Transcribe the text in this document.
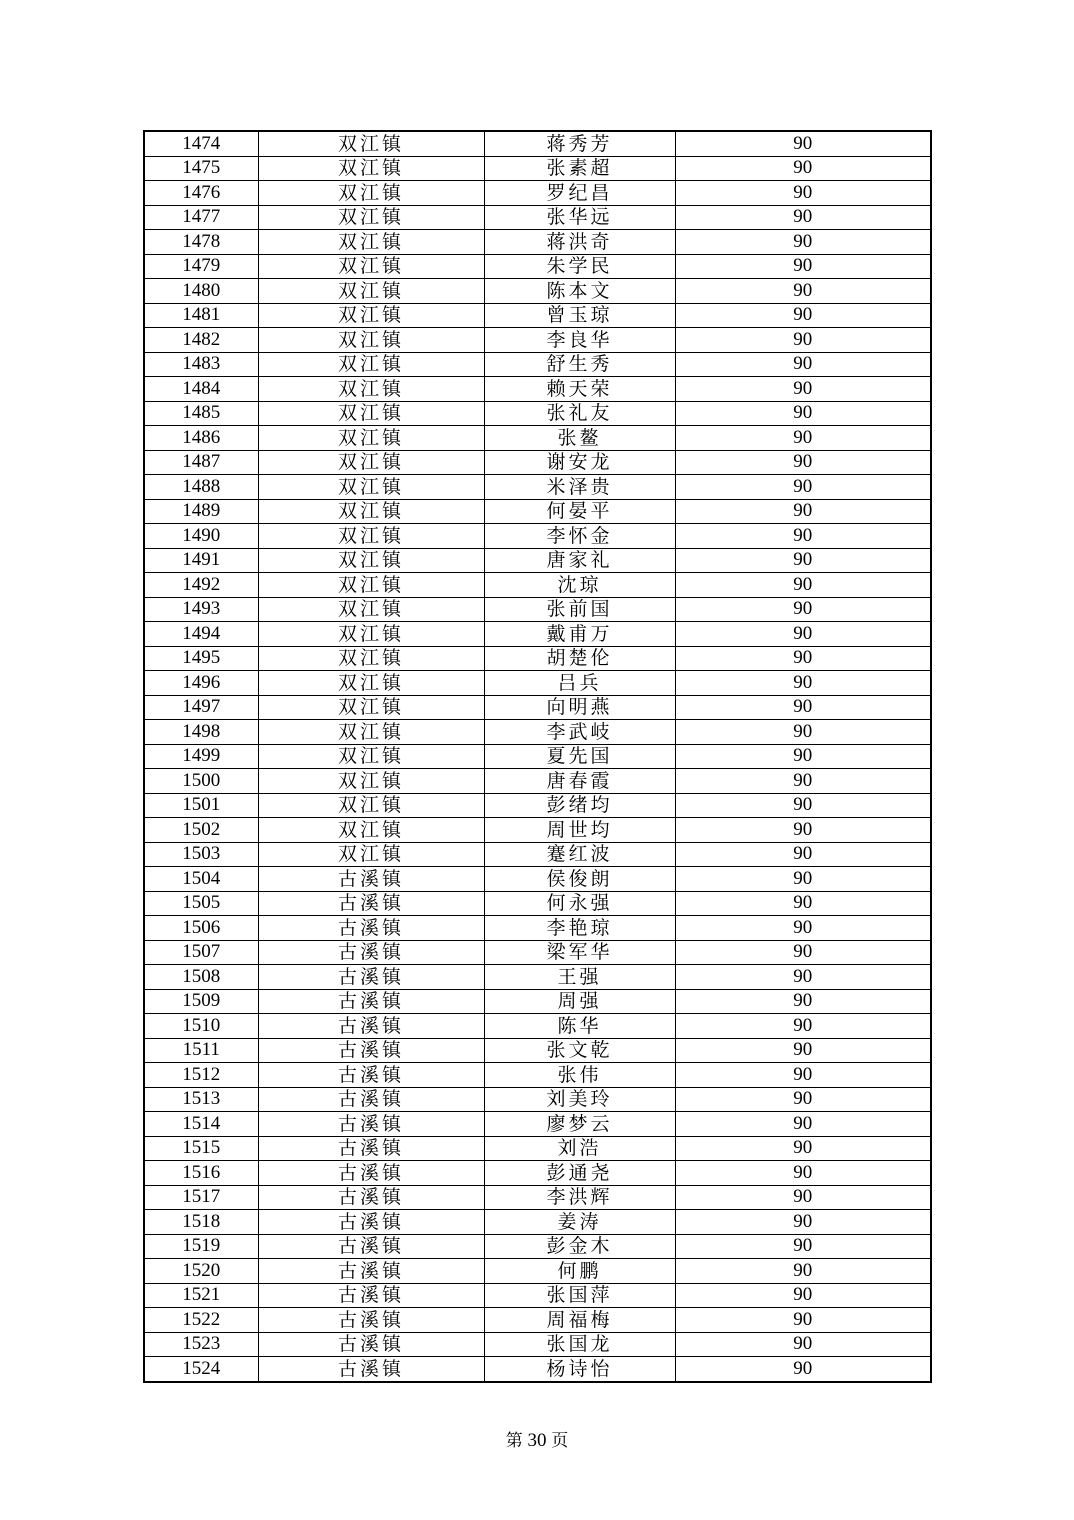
1474	双江镇	蒋秀芳	90
1475	双江镇	张素超	90
1476	双江镇	罗纪昌	90
1477	双江镇	张华远	90
1478	双江镇	蒋洪奇	90
1479	双江镇	朱学民	90
1480	双江镇	陈本文	90
1481	双江镇	曾玉琼	90
1482	双江镇	李良华	90
1483	双江镇	舒生秀	90
1484	双江镇	赖天荣	90
1485	双江镇	张礼友	90
1486	双江镇	张鳌	90
1487	双江镇	谢安龙	90
1488	双江镇	米泽贵	90
1489	双江镇	何晏平	90
1490	双江镇	李怀金	90
1491	双江镇	唐家礼	90
1492	双江镇	沈琼	90
1493	双江镇	张前国	90
1494	双江镇	戴甫万	90
1495	双江镇	胡楚伦	90
1496	双江镇	吕兵	90
1497	双江镇	向明燕	90
1498	双江镇	李武岐	90
1499	双江镇	夏先国	90
1500	双江镇	唐春霞	90
1501	双江镇	彭绪均	90
1502	双江镇	周世均	90
1503	双江镇	蹇红波	90
1504	古溪镇	侯俊朗	90
1505	古溪镇	何永强	90
1506	古溪镇	李艳琼	90
1507	古溪镇	梁军华	90
1508	古溪镇	王强	90
1509	古溪镇	周强	90
1510	古溪镇	陈华	90
1511	古溪镇	张文乾	90
1512	古溪镇	张伟	90
1513	古溪镇	刘美玲	90
1514	古溪镇	廖梦云	90
1515	古溪镇	刘浩	90
1516	古溪镇	彭通尧	90
1517	古溪镇	李洪辉	90
1518	古溪镇	姜涛	90
1519	古溪镇	彭金木	90
1520	古溪镇	何鹏	90
1521	古溪镇	张国萍	90
1522	古溪镇	周福梅	90
1523	古溪镇	张国龙	90
1524	古溪镇	杨诗怡	90
第 30 页
